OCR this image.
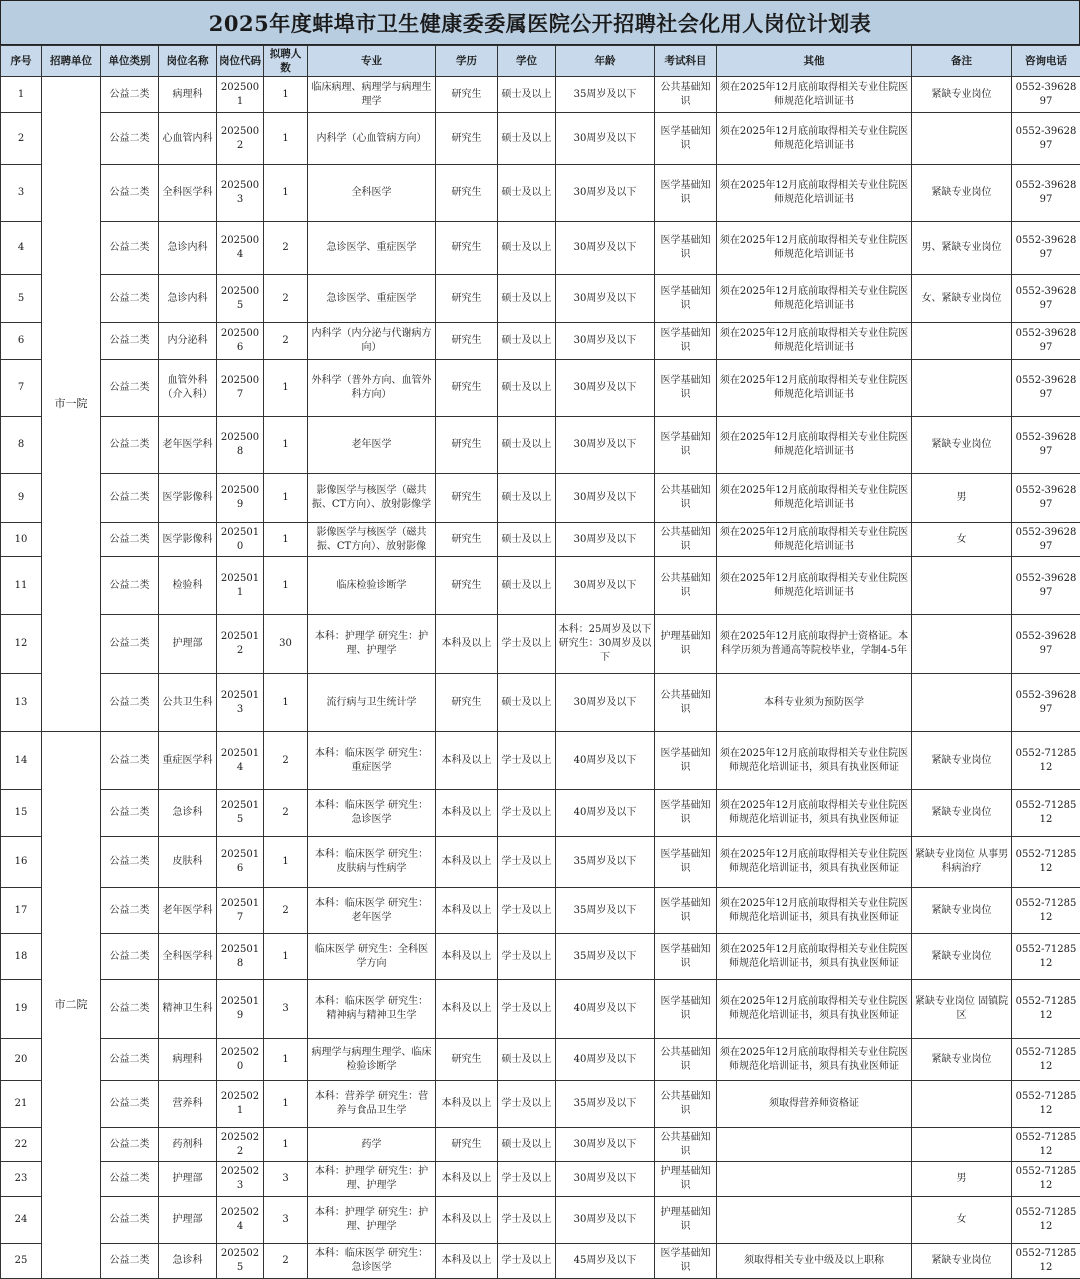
2025年度蚌埠市卫生健康委委属医院公开招聘社会化用人岗位计划表
序号	招聘单位	单位类别	岗位名称	岗位代码	拟聘人数	专业	学历	学位	年龄	考试科目	其他	备注	咨询电话
1	市一院	公益二类	病理科	2025001	1	临床病理、病理学与病理生理学	研究生	硕士及以上	35周岁及以下	公共基础知识	须在2025年12月底前取得相关专业住院医师规范化培训证书	紧缺专业岗位	0552-3962897
2		公益二类	心血管内科	2025002	1	内科学（心血管病方向）	研究生	硕士及以上	30周岁及以下	医学基础知识	须在2025年12月底前取得相关专业住院医师规范化培训证书		0552-3962897
3		公益二类	全科医学科	2025003	1	全科医学	研究生	硕士及以上	30周岁及以下	医学基础知识	须在2025年12月底前取得相关专业住院医师规范化培训证书	紧缺专业岗位	0552-3962897
4		公益二类	急诊内科	2025004	2	急诊医学、重症医学	研究生	硕士及以上	30周岁及以下	医学基础知识	须在2025年12月底前取得相关专业住院医师规范化培训证书	男、紧缺专业岗位	0552-3962897
5		公益二类	急诊内科	2025005	2	急诊医学、重症医学	研究生	硕士及以上	30周岁及以下	医学基础知识	须在2025年12月底前取得相关专业住院医师规范化培训证书	女、紧缺专业岗位	0552-3962897
6		公益二类	内分泌科	2025006	2	内科学（内分泌与代谢病方向）	研究生	硕士及以上	30周岁及以下	医学基础知识	须在2025年12月底前取得相关专业住院医师规范化培训证书		0552-3962897
7		公益二类	血管外科（介入科）	2025007	1	外科学（普外方向、血管外科方向）	研究生	硕士及以上	30周岁及以下	医学基础知识	须在2025年12月底前取得相关专业住院医师规范化培训证书		0552-3962897
8		公益二类	老年医学科	2025008	1	老年医学	研究生	硕士及以上	30周岁及以下	医学基础知识	须在2025年12月底前取得相关专业住院医师规范化培训证书	紧缺专业岗位	0552-3962897
9		公益二类	医学影像科	2025009	1	影像医学与核医学（磁共振、CT方向）、放射影像学	研究生	硕士及以上	30周岁及以下	公共基础知识	须在2025年12月底前取得相关专业住院医师规范化培训证书	男	0552-3962897
10		公益二类	医学影像科	2025010	1	影像医学与核医学（磁共振、CT方向）、放射影像	研究生	硕士及以上	30周岁及以下	公共基础知识	须在2025年12月底前取得相关专业住院医师规范化培训证书	女	0552-3962897
11		公益二类	检验科	2025011	1	临床检验诊断学	研究生	硕士及以上	30周岁及以下	公共基础知识	须在2025年12月底前取得相关专业住院医师规范化培训证书		0552-3962897
12		公益二类	护理部	2025012	30	本科：护理学 研究生：护理、护理学	本科及以上	学士及以上	本科：25周岁及以下 研究生：30周岁及以下	护理基础知识	须在2025年12月底前取得护士资格证。本科学历须为普通高等院校毕业，学制4-5年		0552-3962897
13		公益二类	公共卫生科	2025013	1	流行病与卫生统计学	研究生	硕士及以上	30周岁及以下	公共基础知识	本科专业须为预防医学		0552-3962897
14	市二院	公益二类	重症医学科	2025014	2	本科：临床医学 研究生：重症医学	本科及以上	学士及以上	40周岁及以下	医学基础知识	须在2025年12月底前取得相关专业住院医师规范化培训证书，须具有执业医师证	紧缺专业岗位	0552-7128512
15		公益二类	急诊科	2025015	2	本科：临床医学 研究生：急诊医学	本科及以上	学士及以上	40周岁及以下	医学基础知识	须在2025年12月底前取得相关专业住院医师规范化培训证书，须具有执业医师证	紧缺专业岗位	0552-7128512
16		公益二类	皮肤科	2025016	1	本科：临床医学 研究生：皮肤病与性病学	本科及以上	学士及以上	35周岁及以下	医学基础知识	须在2025年12月底前取得相关专业住院医师规范化培训证书，须具有执业医师证	紧缺专业岗位 从事男科病治疗	0552-7128512
17		公益二类	老年医学科	2025017	2	本科：临床医学 研究生：老年医学	本科及以上	学士及以上	35周岁及以下	医学基础知识	须在2025年12月底前取得相关专业住院医师规范化培训证书，须具有执业医师证	紧缺专业岗位	0552-7128512
18		公益二类	全科医学科	2025018	1	临床医学 研究生：全科医学方向	本科及以上	学士及以上	35周岁及以下	医学基础知识	须在2025年12月底前取得相关专业住院医师规范化培训证书，须具有执业医师证	紧缺专业岗位	0552-7128512
19		公益二类	精神卫生科	2025019	3	本科：临床医学 研究生：精神病与精神卫生学	本科及以上	学士及以上	40周岁及以下	医学基础知识	须在2025年12月底前取得相关专业住院医师规范化培训证书，须具有执业医师证	紧缺专业岗位 固镇院区	0552-7128512
20		公益二类	病理科	2025020	1	病理学与病理生理学、临床检验诊断学	研究生	硕士及以上	40周岁及以下	公共基础知识	须在2025年12月底前取得相关专业住院医师规范化培训证书，须具有执业医师证	紧缺专业岗位	0552-7128512
21		公益二类	营养科	2025021	1	本科：营养学 研究生：营养与食品卫生学	本科及以上	学士及以上	35周岁及以下	公共基础知识	须取得营养师资格证		0552-7128512
22		公益二类	药剂科	2025022	1	药学	研究生	硕士及以上	30周岁及以下	公共基础知识			0552-7128512
23		公益二类	护理部	2025023	3	本科：护理学 研究生：护理、护理学	本科及以上	学士及以上	30周岁及以下	护理基础知识		男	0552-7128512
24		公益二类	护理部	2025024	3	本科：护理学 研究生：护理、护理学	本科及以上	学士及以上	30周岁及以下	护理基础知识		女	0552-7128512
25		公益二类	急诊科	2025025	2	本科：临床医学 研究生：急诊医学	本科及以上	学士及以上	45周岁及以下	医学基础知识	须取得相关专业中级及以上职称	紧缺专业岗位	0552-7128512
